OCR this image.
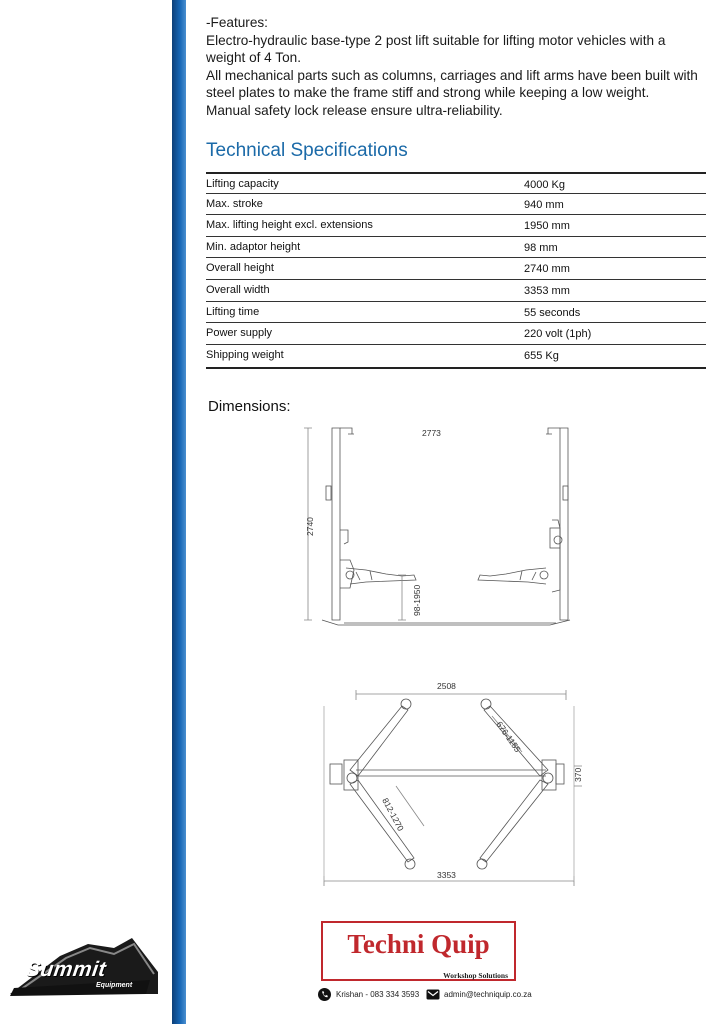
-Features:

Electro-hydraulic base-type 2 post lift suitable for lifting motor vehicles with a weight of 4 Ton.

All mechanical parts such as columns, carriages and lift arms have been built with steel plates to make the frame stiff and strong while keeping a low weight.

Manual safety lock release ensure ultra-reliability.

Technical Specifications
Lifting capacity	4000 Kg
Max. stroke	940 mm
Max. lifting height excl. extensions	1950 mm
Min. adaptor height	98 mm
Overall height	2740 mm
Overall width	3353 mm
Lifting time	55 seconds
Power supply	220 volt (1ph)
Shipping weight	655 Kg
Dimensions:
2740
2773
98-1950
2508
3353
370
812-1270
676-1155
Techni Quip
Workshop Solutions
Krishan - 083 334 3593	admin@techniquip.co.za
Summit
Equipment
